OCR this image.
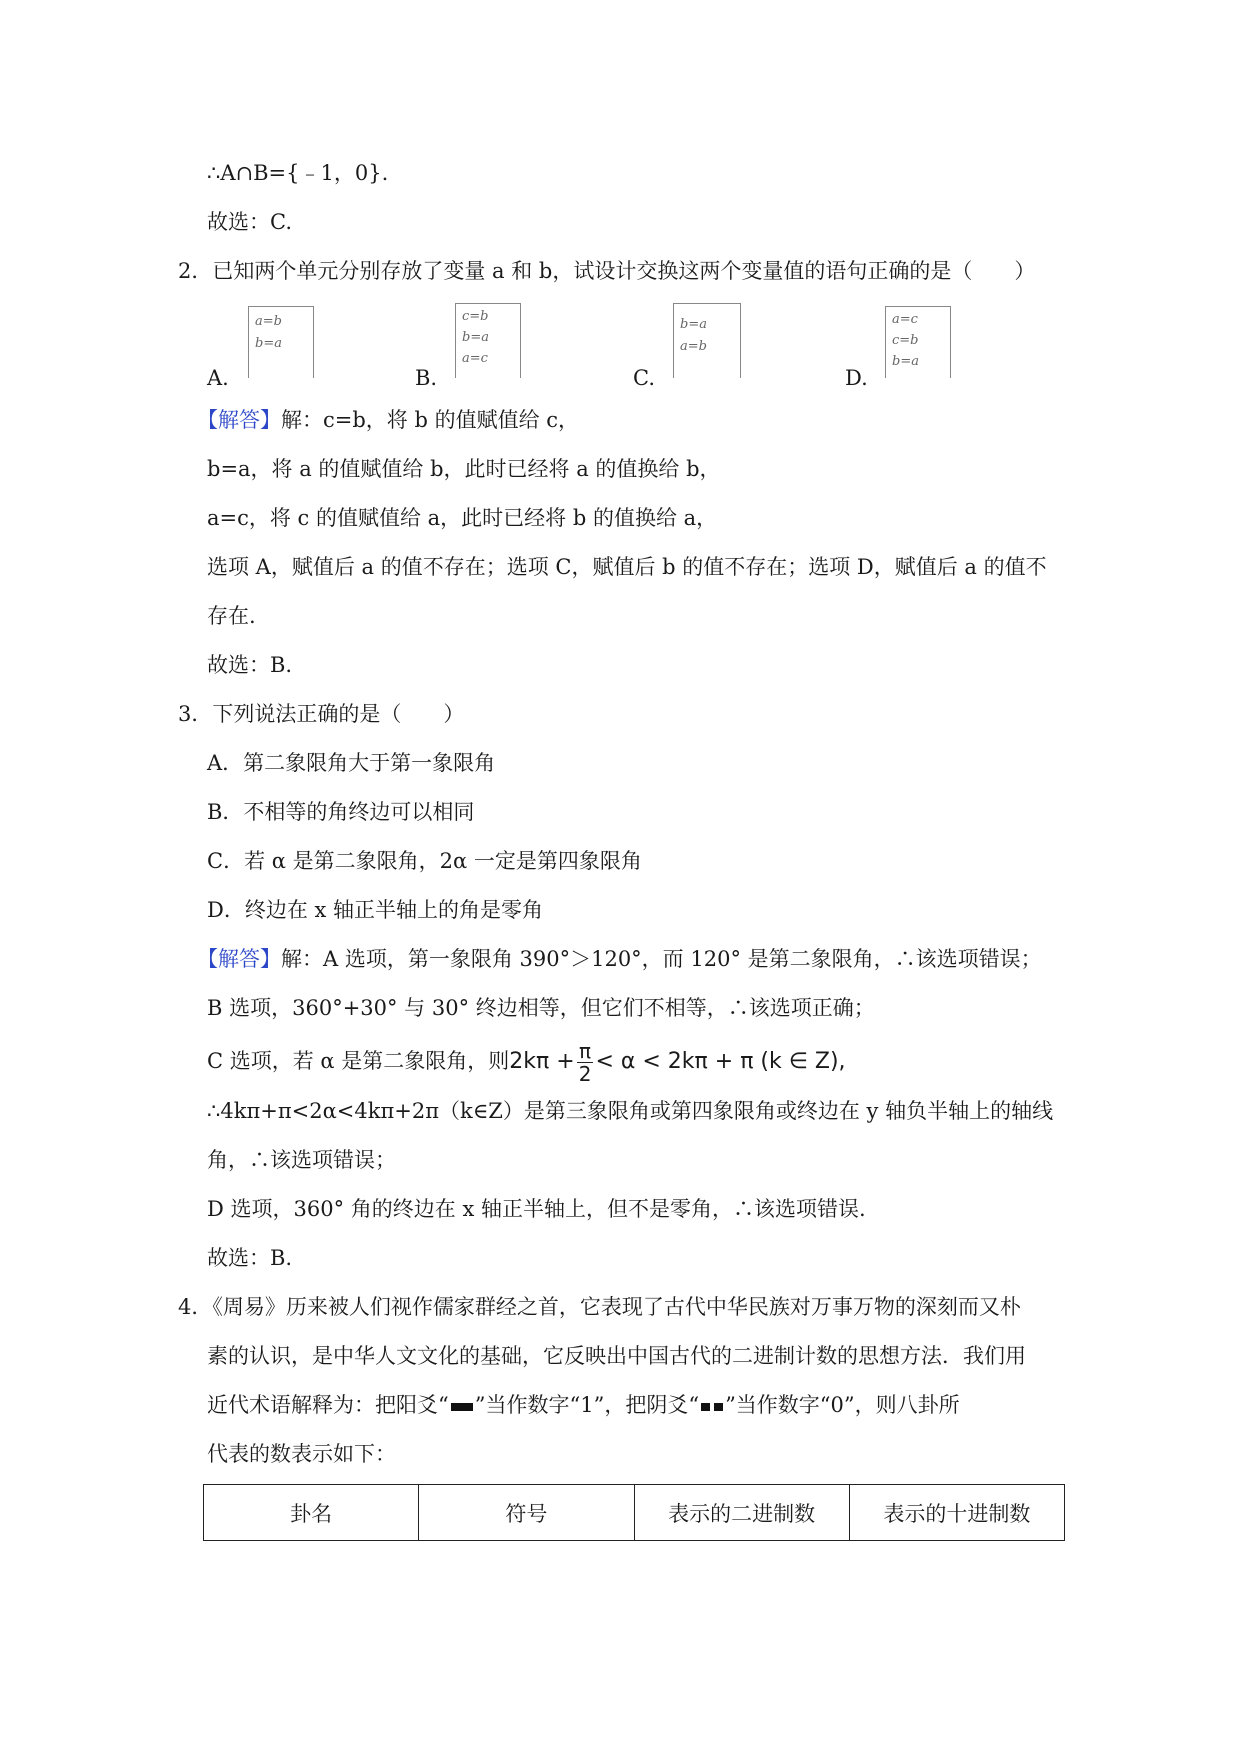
∴A∩B={﹣1，0}.
故选：C.
2．已知两个单元分别存放了变量 a 和 b，试设计交换这两个变量值的语句正确的是（　　）
A.
a=b
b=a
B.
c=b
b=a
a=c
C.
b=a
a=b
D.
a=c
c=b
b=a
【解答】解：c=b，将 b 的值赋值给 c，
b=a，将 a 的值赋值给 b，此时已经将 a 的值换给 b，
a=c，将 c 的值赋值给 a，此时已经将 b 的值换给 a，
选项 A，赋值后 a 的值不存在；选项 C，赋值后 b 的值不存在；选项 D，赋值后 a 的值不
存在.
故选：B.
3．下列说法正确的是（　　）
A．第二象限角大于第一象限角
B．不相等的角终边可以相同
C．若 α 是第二象限角，2α 一定是第四象限角
D．终边在 x 轴正半轴上的角是零角
【解答】解：A 选项，第一象限角 390°＞120°，而 120° 是第二象限角，∴该选项错误；
B 选项，360°+30° 与 30° 终边相等，但它们不相等，∴该选项正确；
C 选项，若 α 是第二象限角，则$2k\pi + \frac{\pi}{2} < \alpha < 2k\pi + \pi$ (k ∈ Z),
∴4kπ+π<2α<4kπ+2π（k∈Z）是第三象限角或第四象限角或终边在 y 轴负半轴上的轴线
角，∴该选项错误；
D 选项，360° 角的终边在 x 轴正半轴上，但不是零角，∴该选项错误.
故选：B.
4．《周易》历来被人们视作儒家群经之首，它表现了古代中华民族对万事万物的深刻而又朴
素的认识，是中华人文文化的基础，它反映出中国古代的二进制计数的思想方法．我们用
近代术语解释为：把阳爻“ ”当作数字“1”，把阴爻“ ”当作数字“0”，则八卦所
代表的数表示如下：
卦名	符号	表示的二进制数	表示的十进制数
